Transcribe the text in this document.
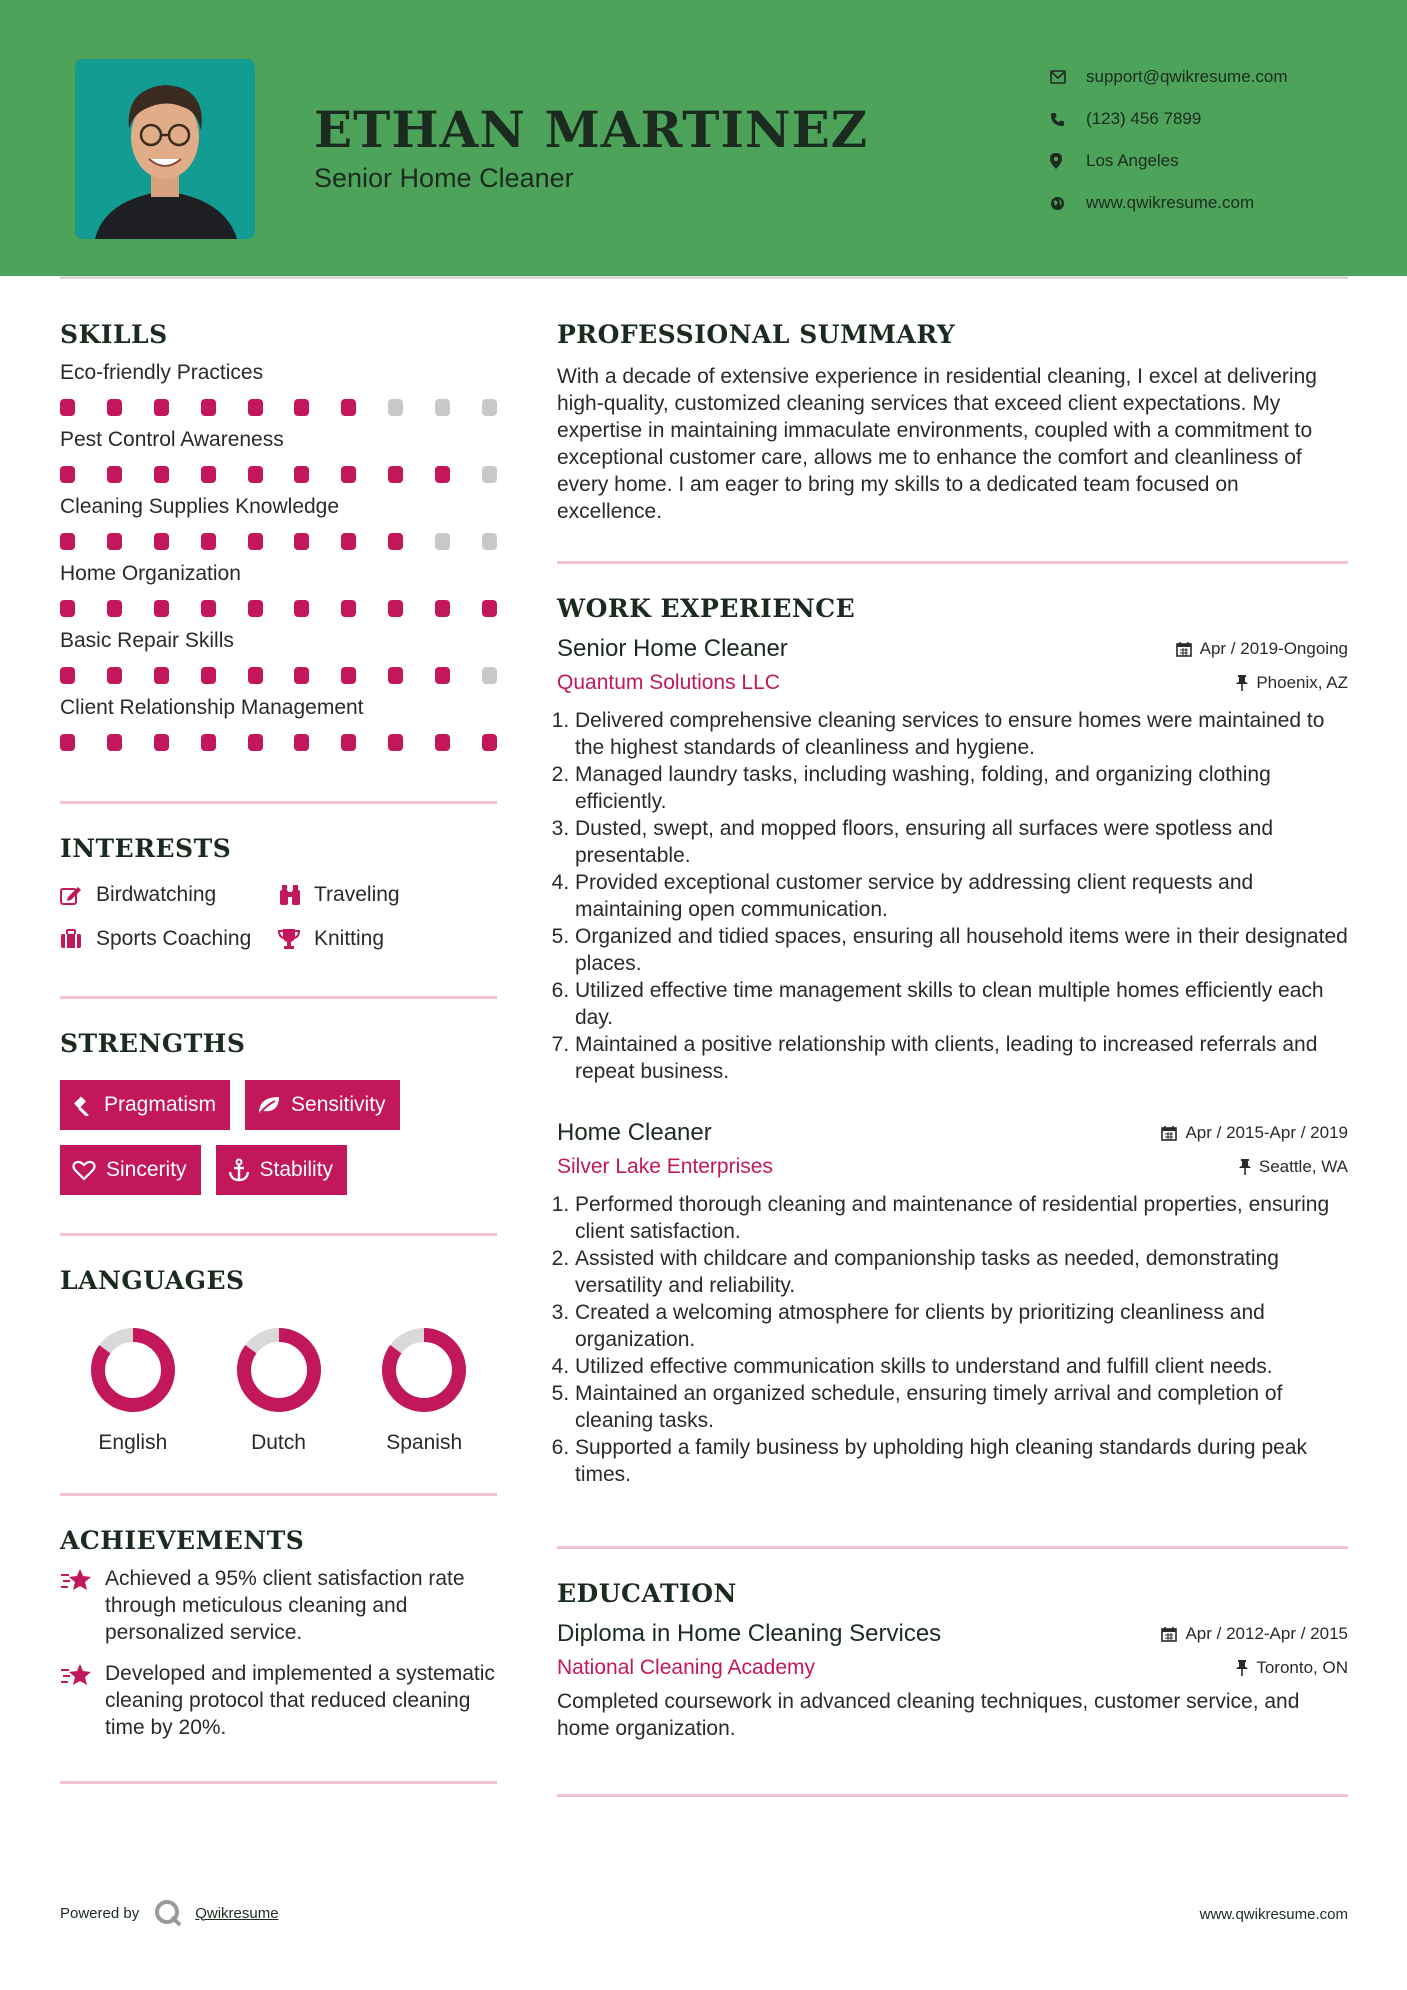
ETHAN MARTINEZ
Senior Home Cleaner
support@qwikresume.com
(123) 456 7899
Los Angeles
www.qwikresume.com
SKILLS
Eco-friendly Practices
Pest Control Awareness
Cleaning Supplies Knowledge
Home Organization
Basic Repair Skills
Client Relationship Management
INTERESTS
Birdwatching	Traveling
Sports Coaching	Knitting
STRENGTHS
Pragmatism	Sensitivity
Sincerity	Stability
LANGUAGES
English	Dutch	Spanish
ACHIEVEMENTS
Achieved a 95% client satisfaction rate through meticulous cleaning and personalized service.
Developed and implemented a systematic cleaning protocol that reduced cleaning time by 20%.
PROFESSIONAL SUMMARY
With a decade of extensive experience in residential cleaning, I excel at delivering high-quality, customized cleaning services that exceed client expectations. My expertise in maintaining immaculate environments, coupled with a commitment to exceptional customer care, allows me to enhance the comfort and cleanliness of every home. I am eager to bring my skills to a dedicated team focused on excellence.
WORK EXPERIENCE
Senior Home Cleaner	Apr / 2019-Ongoing
Quantum Solutions LLC	Phoenix, AZ
1. Delivered comprehensive cleaning services to ensure homes were maintained to the highest standards of cleanliness and hygiene.
2. Managed laundry tasks, including washing, folding, and organizing clothing efficiently.
3. Dusted, swept, and mopped floors, ensuring all surfaces were spotless and presentable.
4. Provided exceptional customer service by addressing client requests and maintaining open communication.
5. Organized and tidied spaces, ensuring all household items were in their designated places.
6. Utilized effective time management skills to clean multiple homes efficiently each day.
7. Maintained a positive relationship with clients, leading to increased referrals and repeat business.
Home Cleaner	Apr / 2015-Apr / 2019
Silver Lake Enterprises	Seattle, WA
1. Performed thorough cleaning and maintenance of residential properties, ensuring client satisfaction.
2. Assisted with childcare and companionship tasks as needed, demonstrating versatility and reliability.
3. Created a welcoming atmosphere for clients by prioritizing cleanliness and organization.
4. Utilized effective communication skills to understand and fulfill client needs.
5. Maintained an organized schedule, ensuring timely arrival and completion of cleaning tasks.
6. Supported a family business by upholding high cleaning standards during peak times.
EDUCATION
Diploma in Home Cleaning Services	Apr / 2012-Apr / 2015
National Cleaning Academy	Toronto, ON
Completed coursework in advanced cleaning techniques, customer service, and home organization.
Powered by	Qwikresume	www.qwikresume.com
